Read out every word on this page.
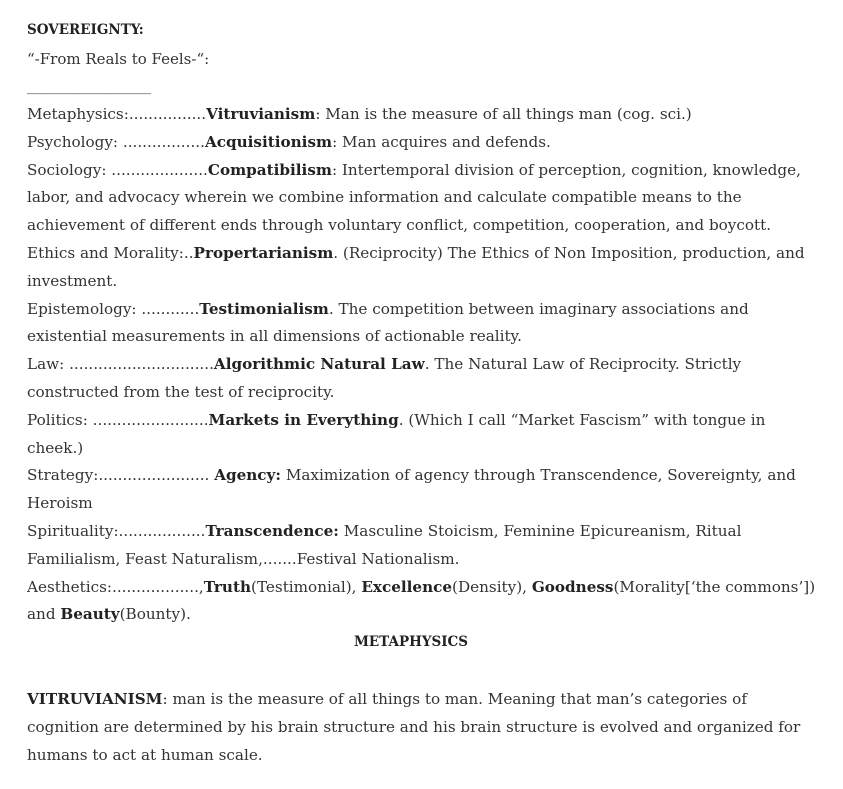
SOVEREIGNTY:
“-From Reals to Feels-“:
___________________

Metaphysics:................Vitruvianism: Man is the measure of all things man (cog. sci.)

Psychology: .................Acquisitionism: Man acquires and defends.

Sociology: ....................Compatibilism: Intertemporal division of perception, cognition, knowledge, labor, and advocacy wherein we combine information and calculate compatible means to the achievement of different ends through voluntary conflict, competition, cooperation, and boycott.

Ethics and Morality:..Propertarianism. (Reciprocity) The Ethics of Non Imposition, production, and investment.

Epistemology: ............Testimonialism. The competition between imaginary associations and existential measurements in all dimensions of actionable reality.

Law: ..............................Algorithmic Natural Law. The Natural Law of Reciprocity. Strictly constructed from the test of reciprocity.

Politics: ........................Markets in Everything. (Which I call “Market Fascism” with tongue in cheek.)

Strategy:....................... Agency: Maximization of agency through Transcendence, Sovereignty, and Heroism

Spirituality:..................Transcendence: Masculine Stoicism, Feminine Epicureanism, Ritual Familialism, Feast Naturalism,.......Festival Nationalism.

Aesthetics:..................,Truth(Testimonial), Excellence(Density), Goodness(Morality[‘the commons’]) and Beauty(Bounty).

METAPHYSICS

VITRUVIANISM: man is the measure of all things to man. Meaning that man’s categories of cognition are determined by his brain structure and his brain structure is evolved and organized for humans to act at human scale.
